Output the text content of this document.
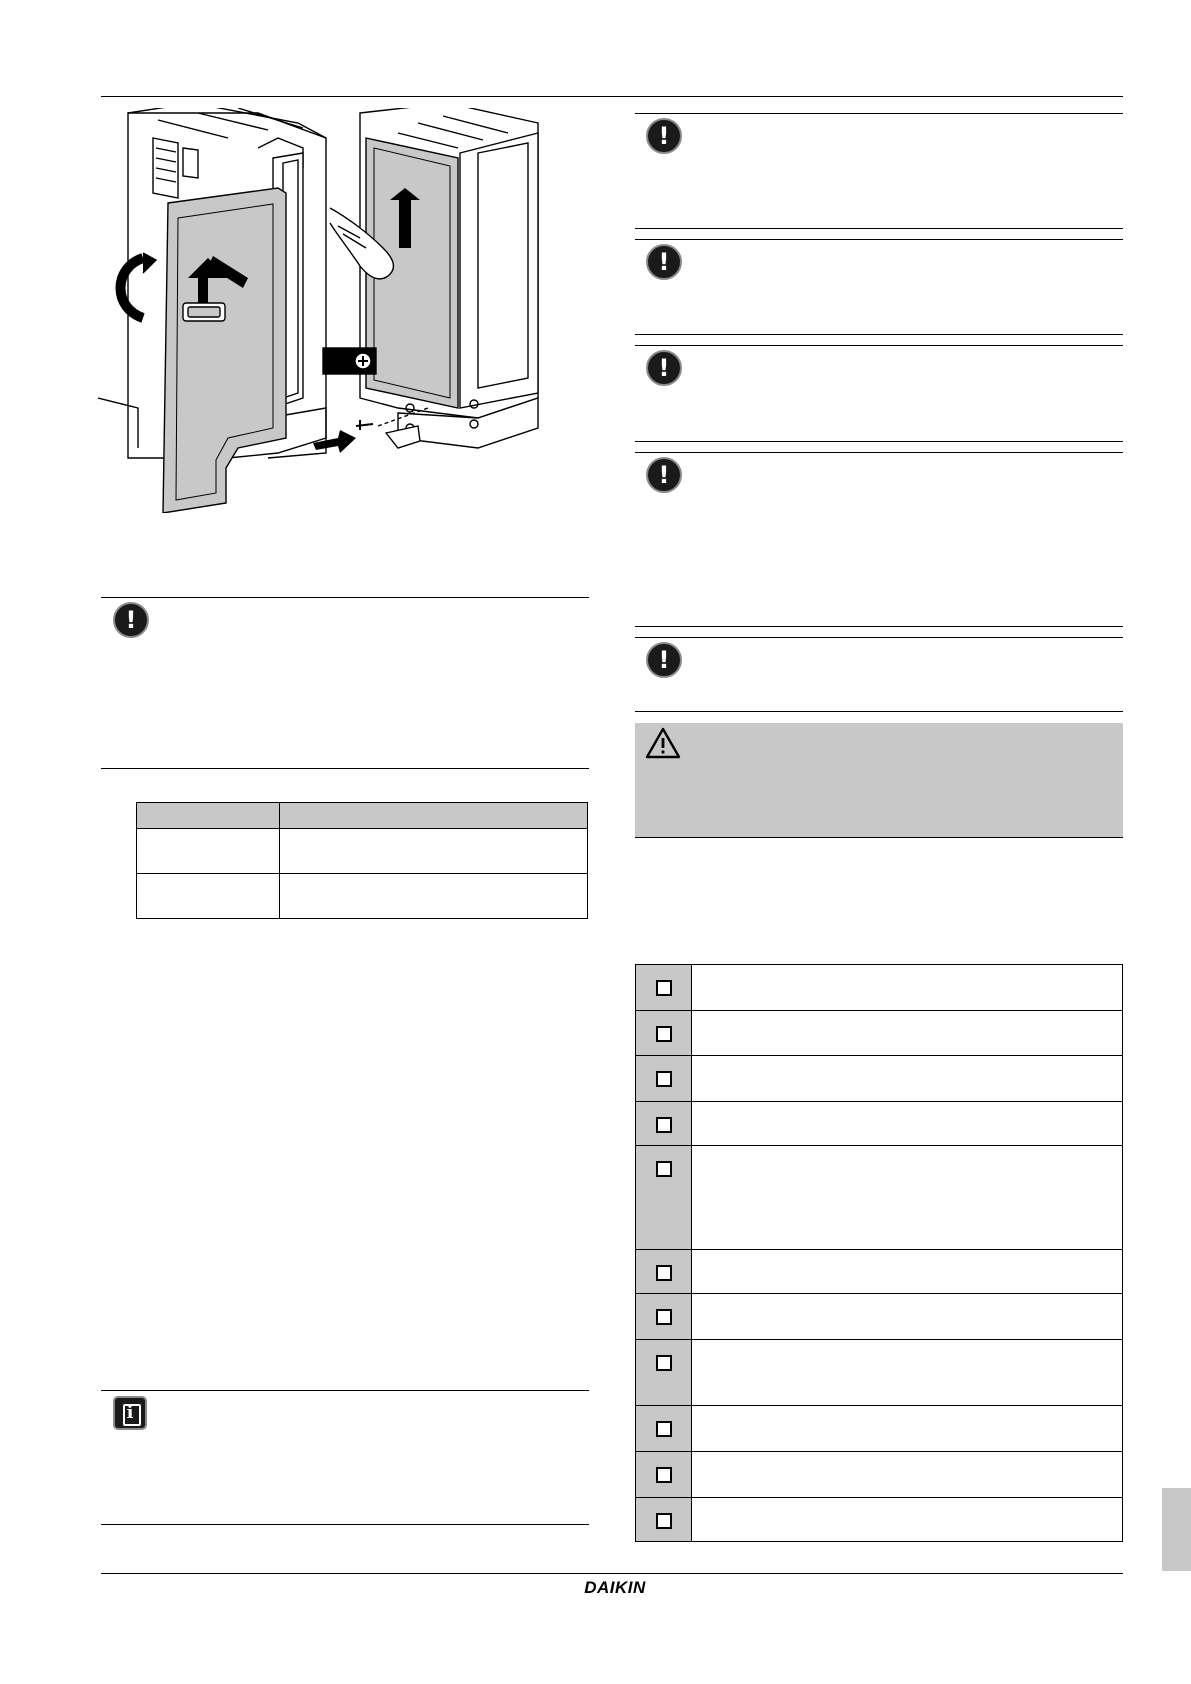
!

i
!
!
!
!
!

DAIKIN
